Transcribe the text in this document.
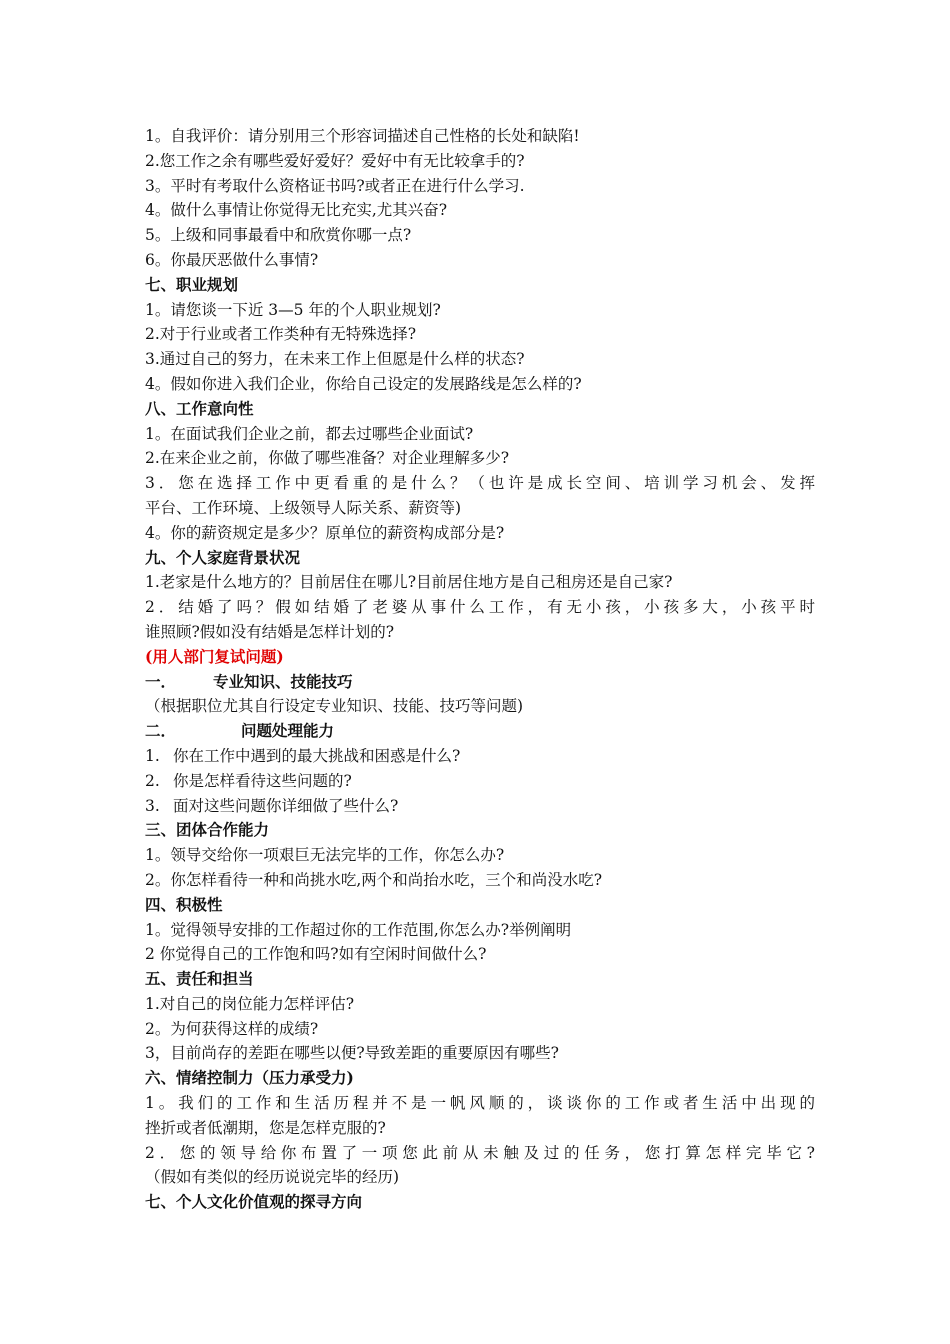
1。自我评价：请分别用三个形容词描述自己性格的长处和缺陷!
2.您工作之余有哪些爱好爱好？爱好中有无比较拿手的?
3。平时有考取什么资格证书吗?或者正在进行什么学习.
4。做什么事情让你觉得无比充实,尤其兴奋?
5。上级和同事最看中和欣赏你哪一点?
6。你最厌恶做什么事情?
七、职业规划
1。请您谈一下近 3—5 年的个人职业规划?
2.对于行业或者工作类种有无特殊选择?
3.通过自己的努力，在未来工作上但愿是什么样的状态?
4。假如你进入我们企业，你给自己设定的发展路线是怎么样的?
八、工作意向性
1。在面试我们企业之前，都去过哪些企业面试?
2.在来企业之前，你做了哪些准备？对企业理解多少?
3．您在选择工作中更看重的是什么？（也许是成长空间、培训学习机会、发挥
平台、工作环境、上级领导人际关系、薪资等)
4。你的薪资规定是多少？原单位的薪资构成部分是?
九、个人家庭背景状况
1.老家是什么地方的？目前居住在哪儿?目前居住地方是自己租房还是自己家?
2．结婚了吗？假如结婚了老婆从事什么工作，有无小孩，小孩多大，小孩平时
谁照顾?假如没有结婚是怎样计划的?
(用人部门复试问题)
一． 专业知识、技能技巧
（根据职位尤其自行设定专业知识、技能、技巧等问题)
二．	问题处理能力
1. 你在工作中遇到的最大挑战和困惑是什么?
2. 你是怎样看待这些问题的?
3. 面对这些问题你详细做了些什么?
三、团体合作能力
1。领导交给你一项艰巨无法完毕的工作，你怎么办?
2。你怎样看待一种和尚挑水吃,两个和尚抬水吃，三个和尚没水吃?
四、积极性
1。觉得领导安排的工作超过你的工作范围,你怎么办?举例阐明
2 你觉得自己的工作饱和吗?如有空闲时间做什么?
五、责任和担当
1.对自己的岗位能力怎样评估?
2。为何获得这样的成绩?
3，目前尚存的差距在哪些以便?导致差距的重要原因有哪些?
六、情绪控制力（压力承受力)
1。我们的工作和生活历程并不是一帆风顺的，谈谈你的工作或者生活中出现的
挫折或者低潮期，您是怎样克服的?
2．您的领导给你布置了一项您此前从未触及过的任务，您打算怎样完毕它?
（假如有类似的经历说说完毕的经历)
七、个人文化价值观的探寻方向
